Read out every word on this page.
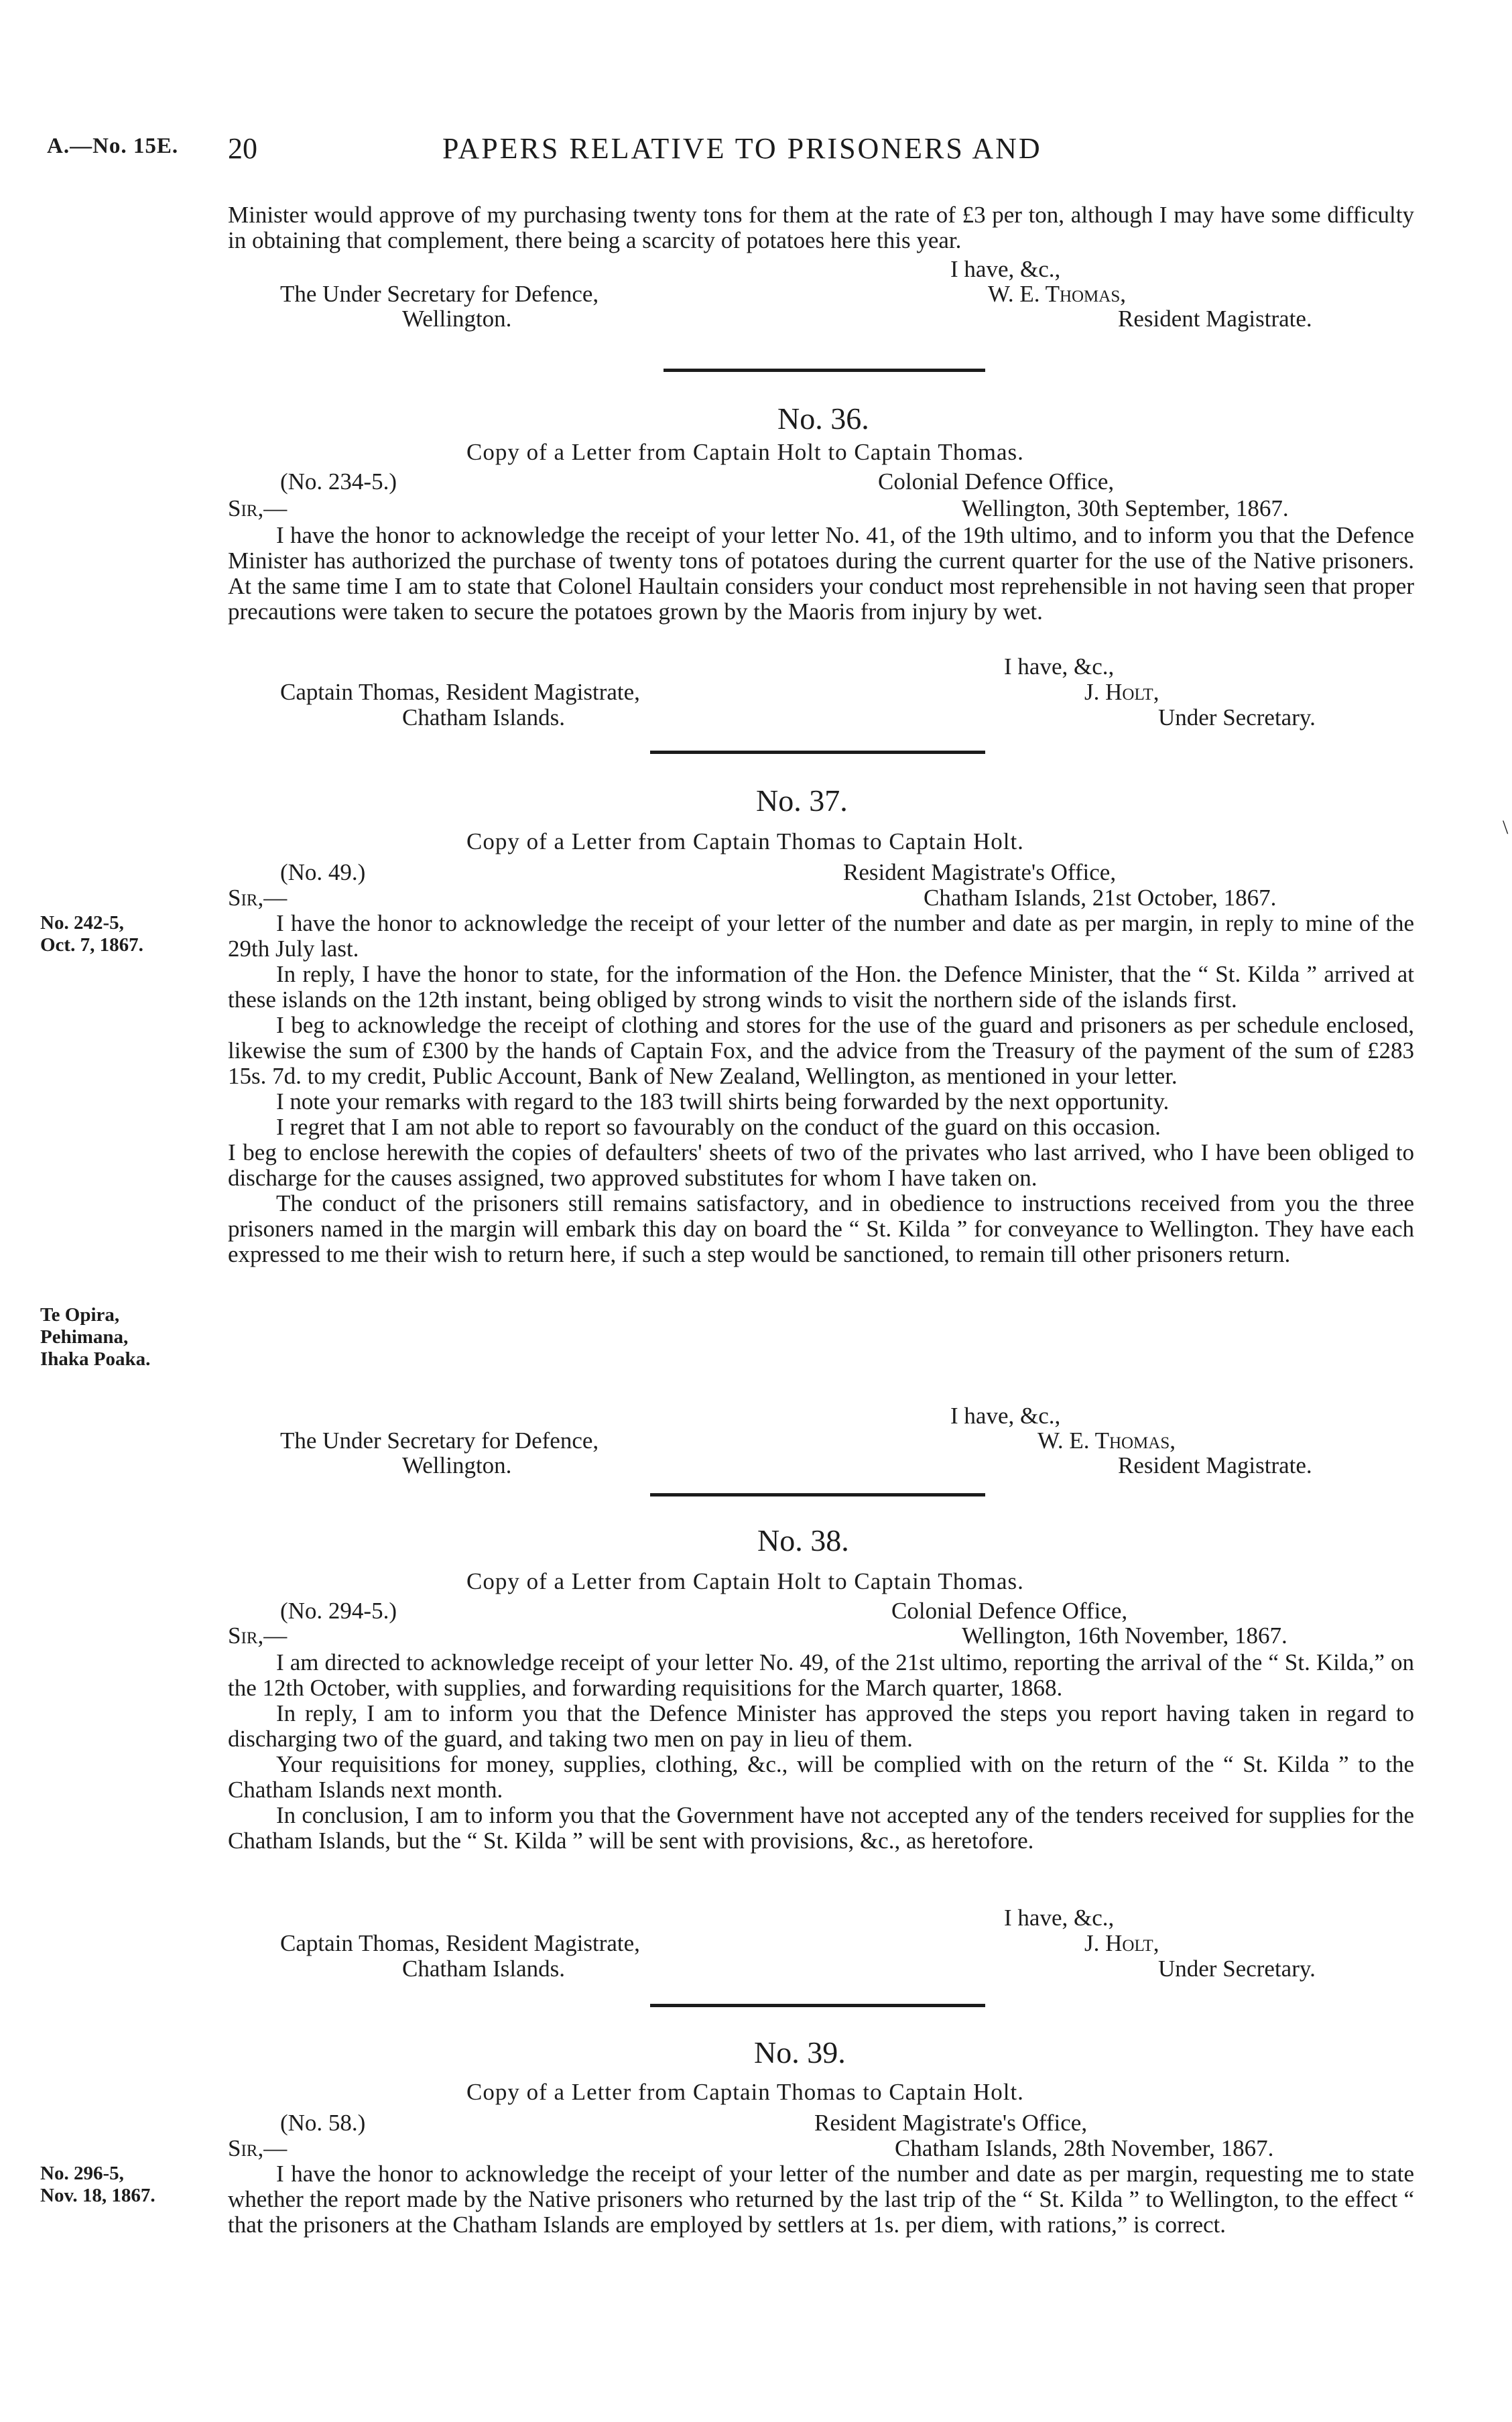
A.—No. 15E. 20	PAPERS RELATIVE TO PRISONERS AND

Minister would approve of my purchasing twenty tons for them at the rate of £3 per ton, although I may have some difficulty in obtaining that complement, there being a scarcity of potatoes here this year.

I have, &c.,
The Under Secretary for Defence,	W. E. Thomas,
Wellington.	Resident Magistrate.
No. 36.
Copy of a Letter from Captain Holt to Captain Thomas.
(No. 234-5.)	Colonial Defence Office,
Sir,—	Wellington, 30th September, 1867.

I have the honor to acknowledge the receipt of your letter No. 41, of the 19th ultimo, and to inform you that the Defence Minister has authorized the purchase of twenty tons of potatoes during the current quarter for the use of the Native prisoners. At the same time I am to state that Colonel Haultain considers your conduct most reprehensible in not having seen that proper precautions were taken to secure the potatoes grown by the Maoris from injury by wet.

I have, &c.,
Captain Thomas, Resident Magistrate,	J. Holt,
Chatham Islands.	Under Secretary.
No. 37.
\
Copy of a Letter from Captain Thomas to Captain Holt.
(No. 49.)	Resident Magistrate's Office,
Sir,—	Chatham Islands, 21st October, 1867.
No. 242-5,
Oct. 7, 1867.
Te Opira,
Pehimana,
Ihaka Poaka.

I have the honor to acknowledge the receipt of your letter of the number and date as per margin, in reply to mine of the 29th July last.

In reply, I have the honor to state, for the information of the Hon. the Defence Minister, that the “ St. Kilda ” arrived at these islands on the 12th instant, being obliged by strong winds to visit the northern side of the islands first.

I beg to acknowledge the receipt of clothing and stores for the use of the guard and prisoners as per schedule enclosed, likewise the sum of £300 by the hands of Captain Fox, and the advice from the Treasury of the payment of the sum of £283 15s. 7d. to my credit, Public Account, Bank of New Zealand, Wellington, as mentioned in your letter.

I note your remarks with regard to the 183 twill shirts being forwarded by the next opportunity.

I regret that I am not able to report so favourably on the conduct of the guard on this occasion.

I beg to enclose herewith the copies of defaulters' sheets of two of the privates who last arrived, who I have been obliged to discharge for the causes assigned, two approved substitutes for whom I have taken on.

The conduct of the prisoners still remains satisfactory, and in obedience to instructions received from you the three prisoners named in the margin will embark this day on board the “ St. Kilda ” for conveyance to Wellington. They have each expressed to me their wish to return here, if such a step would be sanctioned, to remain till other prisoners return.

I have, &c.,
The Under Secretary for Defence,	W. E. Thomas,
Wellington.	Resident Magistrate.
No. 38.
Copy of a Letter from Captain Holt to Captain Thomas.
(No. 294-5.)	Colonial Defence Office,
Sir,—	Wellington, 16th November, 1867.

I am directed to acknowledge receipt of your letter No. 49, of the 21st ultimo, reporting the arrival of the “ St. Kilda,” on the 12th October, with supplies, and forwarding requisitions for the March quarter, 1868.

In reply, I am to inform you that the Defence Minister has approved the steps you report having taken in regard to discharging two of the guard, and taking two men on pay in lieu of them.

Your requisitions for money, supplies, clothing, &c., will be complied with on the return of the “ St. Kilda ” to the Chatham Islands next month.

In conclusion, I am to inform you that the Government have not accepted any of the tenders received for supplies for the Chatham Islands, but the “ St. Kilda ” will be sent with provisions, &c., as heretofore.

I have, &c.,
Captain Thomas, Resident Magistrate,	J. Holt,
Chatham Islands.	Under Secretary.
No. 39.
Copy of a Letter from Captain Thomas to Captain Holt.
(No. 58.)	Resident Magistrate's Office,
Sir,—	Chatham Islands, 28th November, 1867.
No. 296-5,
Nov. 18, 1867.

I have the honor to acknowledge the receipt of your letter of the number and date as per margin, requesting me to state whether the report made by the Native prisoners who returned by the last trip of the “ St. Kilda ” to Wellington, to the effect “ that the prisoners at the Chatham Islands are employed by settlers at 1s. per diem, with rations,” is correct.
